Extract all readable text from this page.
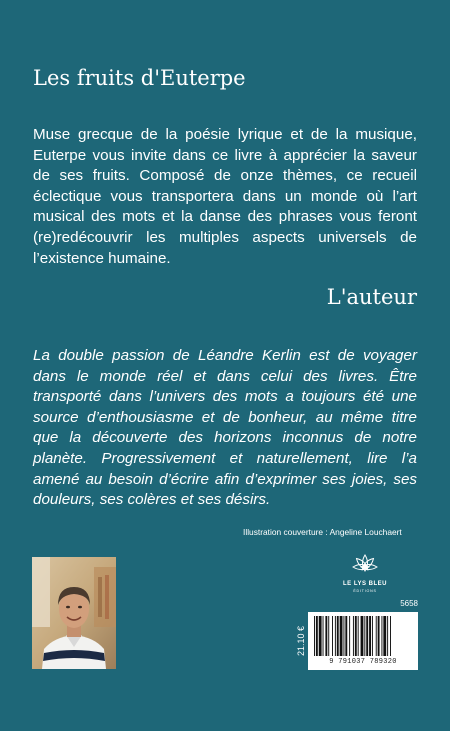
Les fruits d'Euterpe

Muse grecque de la poésie lyrique et de la musique, Euterpe vous invite dans ce livre à apprécier la saveur de ses fruits. Composé de onze thèmes, ce recueil éclectique vous transportera dans un monde où l’art musical des mots et la danse des phrases vous feront (re)redécouvrir les multiples aspects universels de l’existence humaine.

L'auteur

La double passion de Léandre Kerlin est de voyager dans le monde réel et dans celui des livres. Être transporté dans l’univers des mots a toujours été une source d’enthousiasme et de bonheur, au même titre que la découverte des horizons inconnus de notre planète. Progressivement et naturellement, lire l’a amené au besoin d’écrire afin d’exprimer ses joies, ses douleurs, ses colères et ses désirs.

Illustration couverture : Angeline Louchaert

LE LYS BLEU
ÉDITIONS
5658
21.10 €
9 791037 789320
